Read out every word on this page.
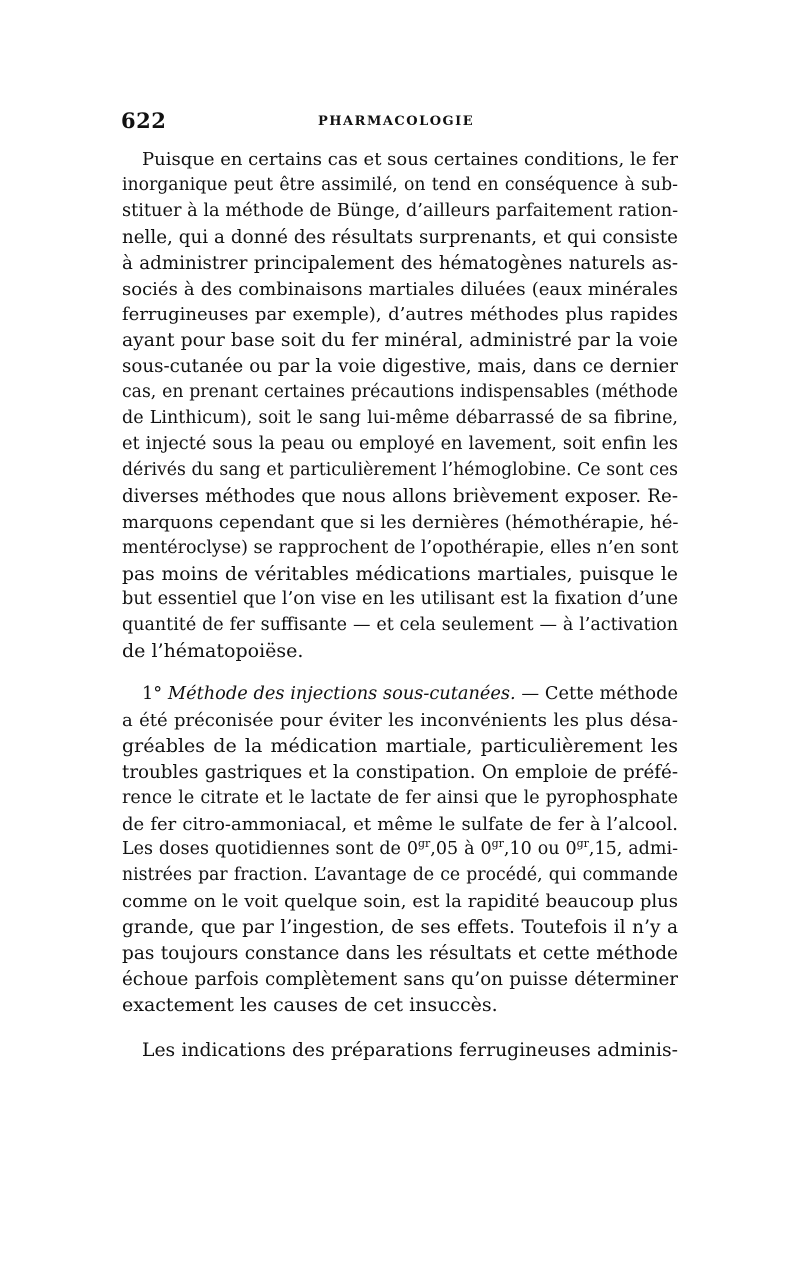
622	PHARMACOLOGIE
Puisque en certains cas et sous certaines conditions, le fer
inorganique peut être assimilé, on tend en conséquence à sub-
stituer à la méthode de Bünge, d’ailleurs parfaitement ration-
nelle, qui a donné des résultats surprenants, et qui consiste
à administrer principalement des hématogènes naturels as-
sociés à des combinaisons martiales diluées (eaux minérales
ferrugineuses par exemple), d’autres méthodes plus rapides
ayant pour base soit du fer minéral, administré par la voie
sous-cutanée ou par la voie digestive, mais, dans ce dernier
cas, en prenant certaines précautions indispensables (méthode
de Linthicum), soit le sang lui-même débarrassé de sa fibrine,
et injecté sous la peau ou employé en lavement, soit enfin les
dérivés du sang et particulièrement l’hémoglobine. Ce sont ces
diverses méthodes que nous allons brièvement exposer. Re-
marquons cependant que si les dernières (hémothérapie, hé-
mentéroclyse) se rapprochent de l’opothérapie, elles n’en sont
pas moins de véritables médications martiales, puisque le
but essentiel que l’on vise en les utilisant est la fixation d’une
quantité de fer suffisante — et cela seulement — à l’activation
de l’hématopoiëse.
1° Méthode des injections sous-cutanées. — Cette méthode
a été préconisée pour éviter les inconvénients les plus désa-
gréables de la médication martiale, particulièrement les
troubles gastriques et la constipation. On emploie de préfé-
rence le citrate et le lactate de fer ainsi que le pyrophosphate
de fer citro-ammoniacal, et même le sulfate de fer à l’alcool.
Les doses quotidiennes sont de $0^{gr},05$ à $0^{gr},10$ ou $0^{gr},15$, admi-
nistrées par fraction. L’avantage de ce procédé, qui commande
comme on le voit quelque soin, est la rapidité beaucoup plus
grande, que par l’ingestion, de ses effets. Toutefois il n’y a
pas toujours constance dans les résultats et cette méthode
échoue parfois complètement sans qu’on puisse déterminer
exactement les causes de cet insuccès.
Les indications des préparations ferrugineuses adminis-
